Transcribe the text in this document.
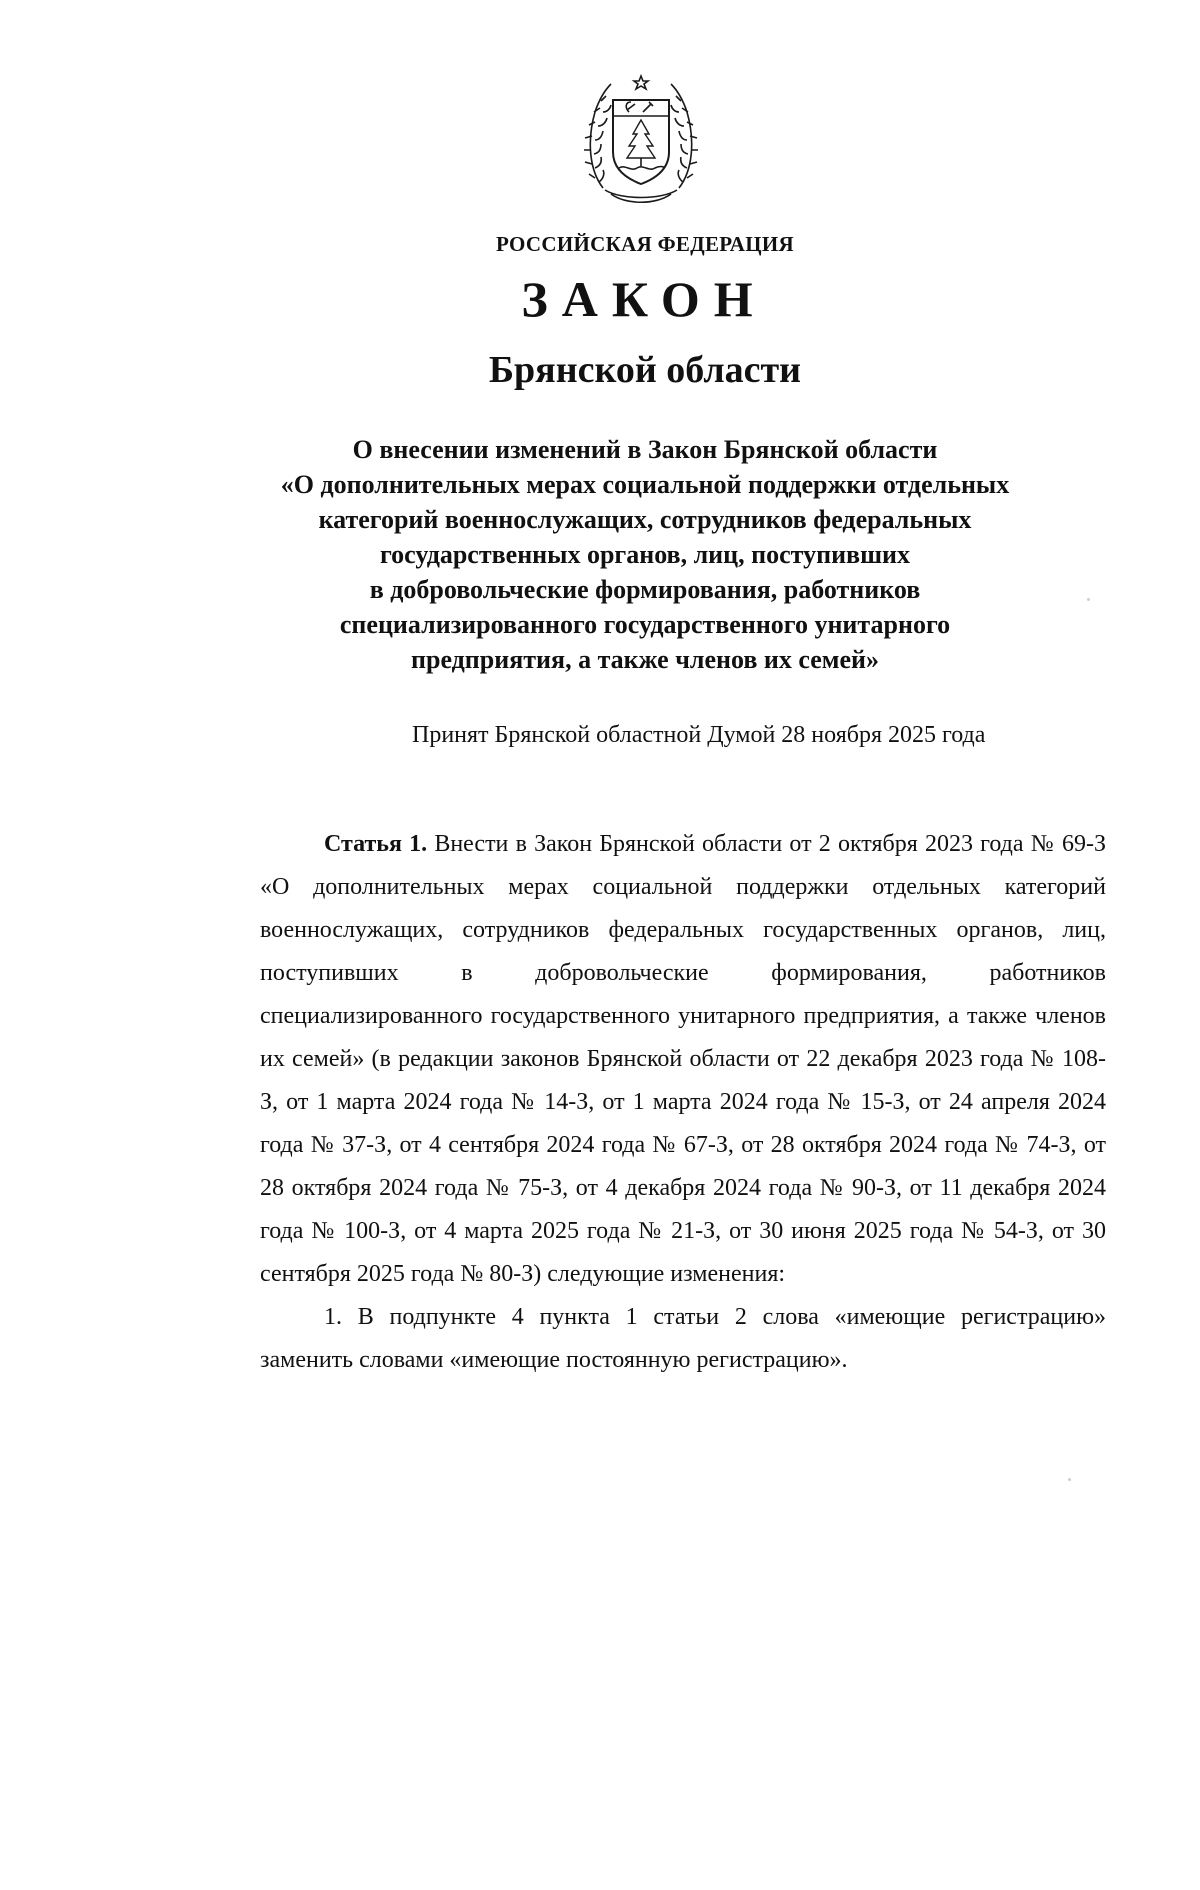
РОССИЙСКАЯ ФЕДЕРАЦИЯ
ЗАКОН
Брянской области
О внесении изменений в Закон Брянской области
«О дополнительных мерах социальной поддержки отдельных
категорий военнослужащих, сотрудников федеральных
государственных органов, лиц, поступивших
в добровольческие формирования, работников
специализированного государственного унитарного
предприятия, а также членов их семей»
Принят Брянской областной Думой 28 ноября 2025 года

Статья 1. Внести в Закон Брянской области от 2 октября 2023 года № 69-З «О дополнительных мерах социальной поддержки отдельных категорий военнослужащих, сотрудников федеральных государственных органов, лиц, поступивших в добровольческие формирования, работников специализированного государственного унитарного предприятия, а также членов их семей» (в редакции законов Брянской области от 22 декабря 2023 года № 108-З, от 1 марта 2024 года № 14-З, от 1 марта 2024 года № 15-З, от 24 апреля 2024 года № 37-З, от 4 сентября 2024 года № 67-З, от 28 октября 2024 года № 74-З, от 28 октября 2024 года № 75-З, от 4 декабря 2024 года № 90-З, от 11 декабря 2024 года № 100-З, от 4 марта 2025 года № 21-З, от 30 июня 2025 года № 54-З, от 30 сентября 2025 года № 80-З) следующие изменения:

1. В подпункте 4 пункта 1 статьи 2 слова «имеющие регистрацию» заменить словами «имеющие постоянную регистрацию».
